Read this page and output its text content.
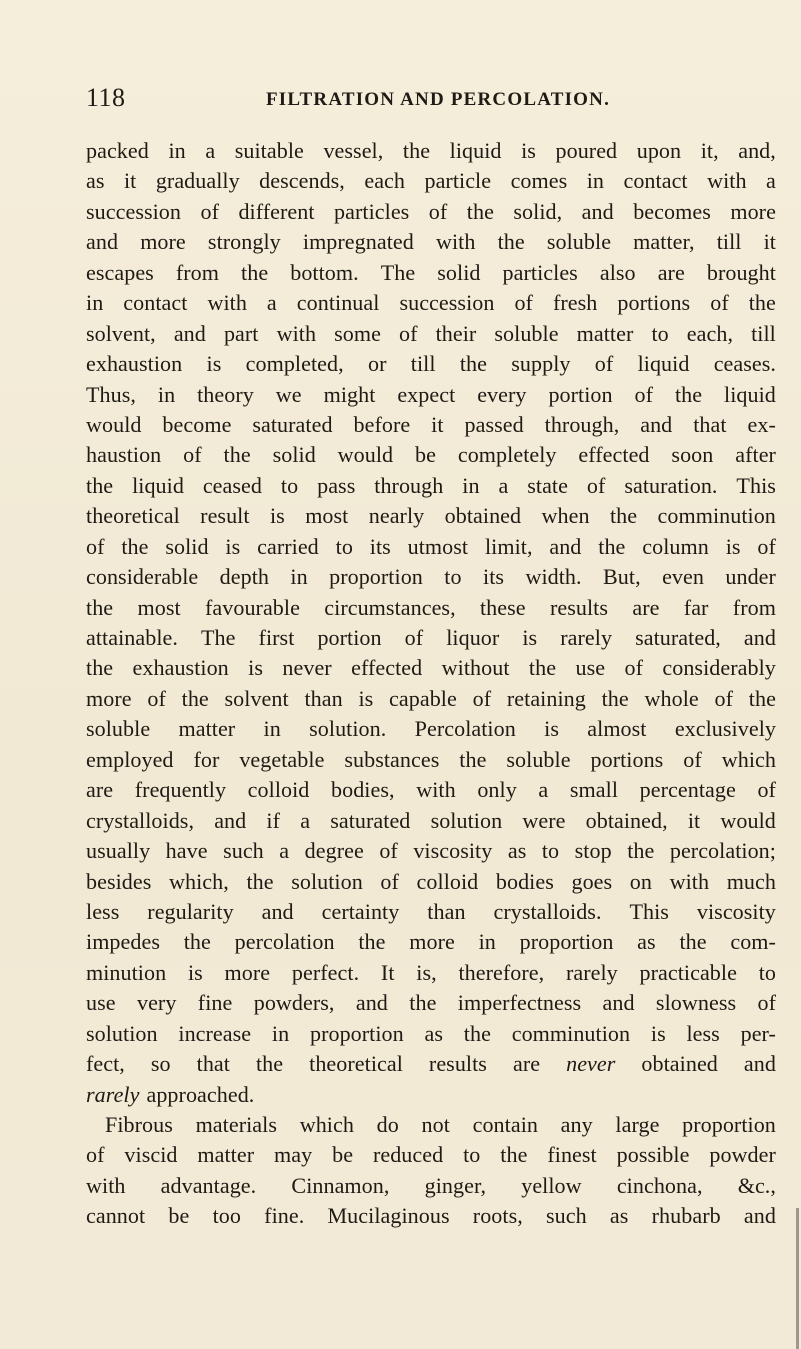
118	FILTRATION AND PERCOLATION.
packed in a suitable vessel, the liquid is poured upon it, and,
as it gradually descends, each particle comes in contact with a
succession of different particles of the solid, and becomes more
and more strongly impregnated with the soluble matter, till it
escapes from the bottom. The solid particles also are brought
in contact with a continual succession of fresh portions of the
solvent, and part with some of their soluble matter to each, till
exhaustion is completed, or till the supply of liquid ceases.
Thus, in theory we might expect every portion of the liquid
would become saturated before it passed through, and that ex-
haustion of the solid would be completely effected soon after
the liquid ceased to pass through in a state of saturation. This
theoretical result is most nearly obtained when the comminution
of the solid is carried to its utmost limit, and the column is of
considerable depth in proportion to its width. But, even under
the most favourable circumstances, these results are far from
attainable. The first portion of liquor is rarely saturated, and
the exhaustion is never effected without the use of considerably
more of the solvent than is capable of retaining the whole of the
soluble matter in solution. Percolation is almost exclusively
employed for vegetable substances the soluble portions of which
are frequently colloid bodies, with only a small percentage of
crystalloids, and if a saturated solution were obtained, it would
usually have such a degree of viscosity as to stop the percolation;
besides which, the solution of colloid bodies goes on with much
less regularity and certainty than crystalloids. This viscosity
impedes the percolation the more in proportion as the com-
minution is more perfect. It is, therefore, rarely practicable to
use very fine powders, and the imperfectness and slowness of
solution increase in proportion as the comminution is less per-
fect, so that the theoretical results are never obtained and
rarely approached.
Fibrous materials which do not contain any large proportion
of viscid matter may be reduced to the finest possible powder
with advantage. Cinnamon, ginger, yellow cinchona, &c.,
cannot be too fine. Mucilaginous roots, such as rhubarb and
